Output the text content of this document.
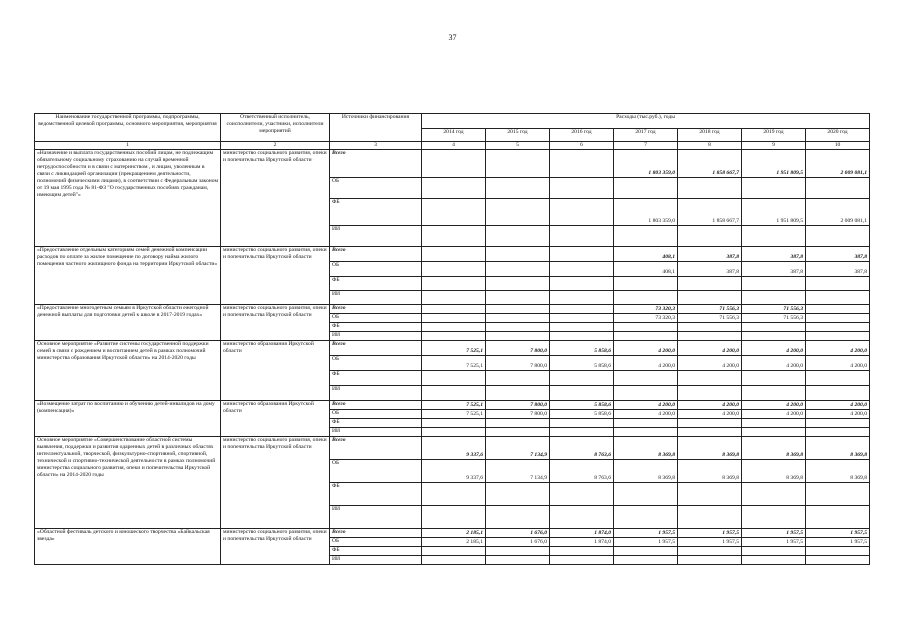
37
Наименование государственной программы, подпрограммы, ведомственной целевой программы, основного мероприятия, мероприятия	Ответственный исполнитель, соисполнители, участники, исполнители мероприятий	Источники финансирования	Расходы (тыс.руб.), годы						
			2014 год	2015 год	2016 год	2017 год	2018 год	2019 год	2020 год
1	2	3	4	5	6	7	8	9	10
«Назначение и выплата государственных пособий лицам, не подлежащим обязательному социальному страхованию на случай временной нетрудоспособности и в связи с материнством , и лицам, уволенным в связи с ликвидацией организации (прекращением деятельности, полномочий физическими лицами), в соответствии с Федеральным законом от 19 мая 1995 года № 81-ФЗ "О государственных пособиях гражданам, имеющим детей"»	министерство социального развития, опеки и попечительства Иркутской области	Всего				1 803 359,0	1 858 667,7	1 951 809,5	2 009 081,1
		ОБ							
		ФБ				1 803 359,0	1 858 667,7	1 951 809,5	2 009 081,1
		ИИ							
«Предоставление отдельным категориям семей денежной компенсации расходов по оплате за жилое помещение по договору найма жилого помещения частного жилищного фонда на территории Иркутской области»	министерство социального развития, опеки и попечительства Иркутской области	Всего				408,1	387,8	387,8	387,8
		ОБ				408,1	387,8	387,8	387,8
		ФБ							
		ИИ							
«Предоставление многодетным семьям в Иркутской области ежегодной денежной выплаты для подготовки детей к школе в 2017-2019 годах»	министерство социального развития, опеки и попечительства Иркутской области	Всего				73 320,3	71 556,3	71 556,3	
		ОБ				73 320,3	71 556,3	71 556,3	
		ФБ							
		ИИ							
Основное мероприятие «Развитие системы государственной поддержки семей в связи с рождением и воспитанием детей в рамках полномочий министерства образования Иркутской области» на 2014-2020 годы	министерство образования Иркутской области	Всего	7 525,1	7 800,0	5 858,6	4 200,0	4 200,0	4 200,0	4 200,0
		ОБ	7 525,1	7 800,0	5 858,6	4 200,0	4 200,0	4 200,0	4 200,0
		ФБ							
		ИИ							
«Возмещение затрат по воспитанию и обучению детей-инвалидов на дому (компенсация)»	министерство образования Иркутской области	Всего	7 525,1	7 800,0	5 858,6	4 200,0	4 200,0	4 200,0	4 200,0
		ОБ	7 525,1	7 800,0	5 858,6	4 200,0	4 200,0	4 200,0	4 200,0
		ФБ							
		ИИ							
Основное мероприятие «Совершенствование областной системы выявления, поддержки и развития одаренных детей в различных областях интеллектуальной, творческой, физкультурно-спортивной, спортивной, технической и спортивно-технической деятельности в рамках полномочий министерства социального развития, опеки и попечительства Иркутской области» на 2014-2020 годы	министерство социального развития, опеки и попечительства Иркутской области	Всего	9 337,6	7 134,9	8 763,6	8 369,8	8 369,8	8 369,8	8 369,8
		ОБ	9 337,6	7 134,9	8 763,6	8 369,8	8 369,8	8 369,8	8 369,8
		ФБ							
		ИИ							
«Областной фестиваль детского и юношеского творчества «Байкальская звезда»	министерство социального развития, опеки и попечительства Иркутской области	Всего	2 185,1	1 676,0	1 874,0	1 957,5	1 957,5	1 957,5	1 957,5
		ОБ	2 185,1	1 676,0	1 874,0	1 957,5	1 957,5	1 957,5	1 957,5
		ФБ							
		ИИ							
